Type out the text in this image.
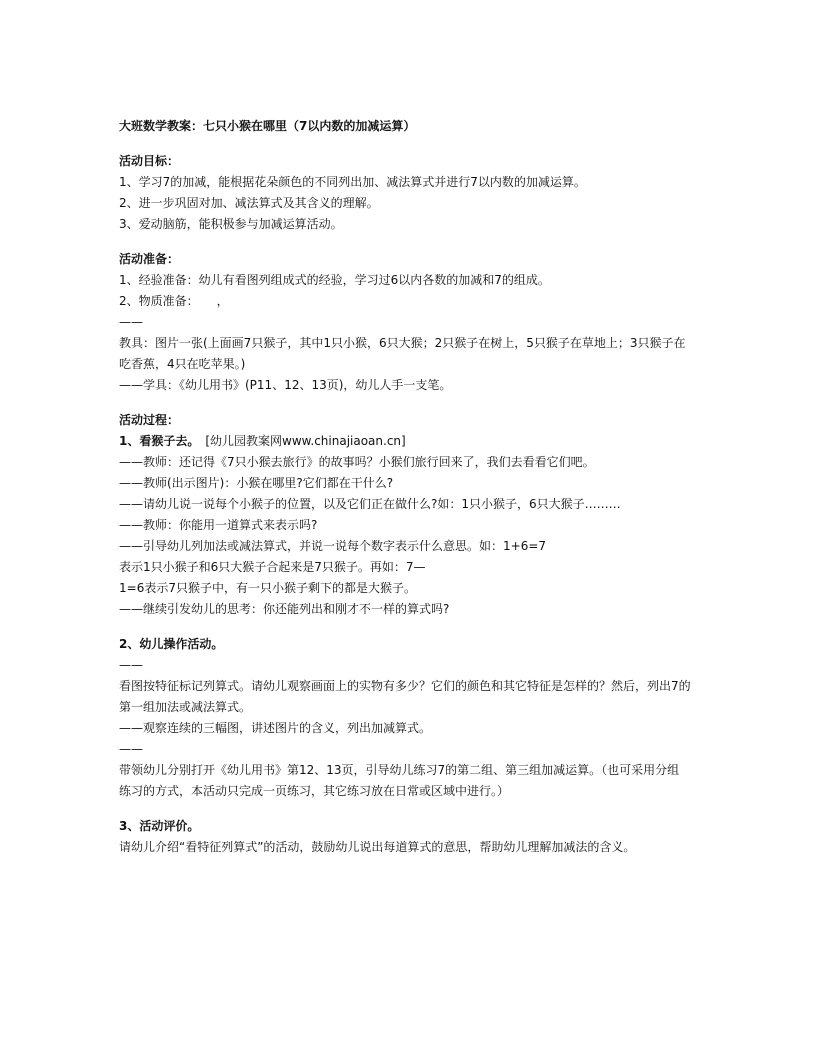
大班数学教案：七只小猴在哪里（7以内数的加减运算）
活动目标：
1、学习7的加减，能根据花朵颜色的不同列出加、减法算式并进行7以内数的加减运算。
2、进一步巩固对加、减法算式及其含义的理解。
3、爱动脑筋，能积极参与加减运算活动。
活动准备：
1、经验准备：幼儿有看图列组成式的经验，学习过6以内各数的加减和7的组成。
2、物质准备：　　，
——
教具：图片一张(上面画7只猴子，其中1只小猴，6只大猴；2只猴子在树上，5只猴子在草地上；3只猴子在
吃香蕉，4只在吃苹果。)
——学具：《幼儿用书》(P11、12、13页)，幼儿人手一支笔。
活动过程：
1、看猴子去。　[幼儿园教案网www.chinajiaoan.cn]
——教师：还记得《7只小猴去旅行》的故事吗？小猴们旅行回来了，我们去看看它们吧。
——教师(出示图片)：小猴在哪里?它们都在干什么?
——请幼儿说一说每个小猴子的位置，以及它们正在做什么?如：1只小猴子，6只大猴子………
——教师：你能用一道算式来表示吗?
——引导幼儿列加法或减法算式，并说一说每个数字表示什么意思。如：1+6=7
表示1只小猴子和6只大猴子合起来是7只猴子。再如：7—
1=6表示7只猴子中，有一只小猴子剩下的都是大猴子。
——继续引发幼儿的思考：你还能列出和刚才不一样的算式吗?
2、幼儿操作活动。
——
看图按特征标记列算式。请幼儿观察画面上的实物有多少？它们的颜色和其它特征是怎样的？然后，列出7的
第一组加法或减法算式。
——观察连续的三幅图，讲述图片的含义，列出加减算式。
——
带领幼儿分别打开《幼儿用书》第12、13页，引导幼儿练习7的第二组、第三组加减运算。（也可采用分组
练习的方式，本活动只完成一页练习，其它练习放在日常或区域中进行。）
3、活动评价。
请幼儿介绍“看特征列算式”的活动，鼓励幼儿说出每道算式的意思，帮助幼儿理解加减法的含义。
